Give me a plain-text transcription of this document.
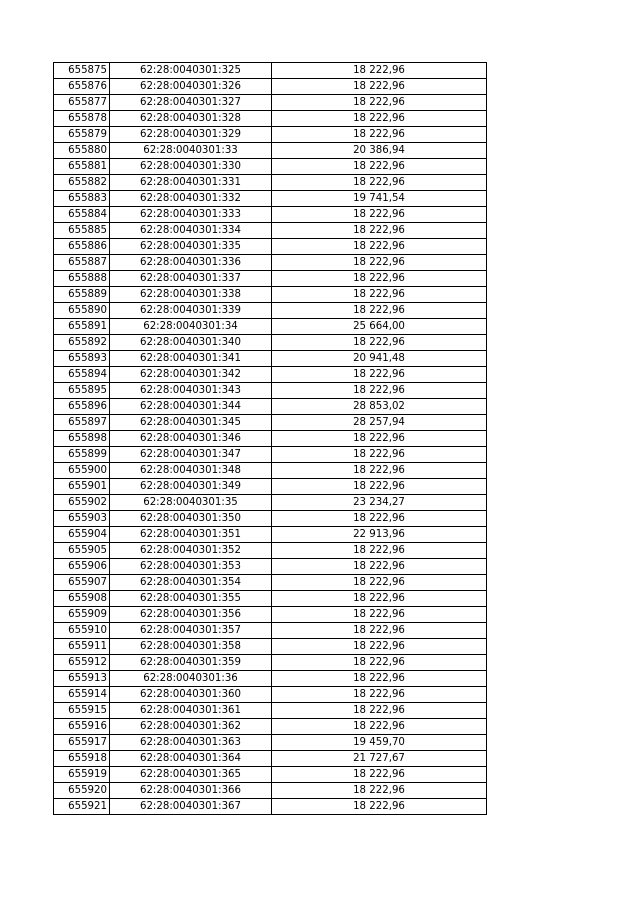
655875	62:28:0040301:325	18 222,96
655876	62:28:0040301:326	18 222,96
655877	62:28:0040301:327	18 222,96
655878	62:28:0040301:328	18 222,96
655879	62:28:0040301:329	18 222,96
655880	62:28:0040301:33	20 386,94
655881	62:28:0040301:330	18 222,96
655882	62:28:0040301:331	18 222,96
655883	62:28:0040301:332	19 741,54
655884	62:28:0040301:333	18 222,96
655885	62:28:0040301:334	18 222,96
655886	62:28:0040301:335	18 222,96
655887	62:28:0040301:336	18 222,96
655888	62:28:0040301:337	18 222,96
655889	62:28:0040301:338	18 222,96
655890	62:28:0040301:339	18 222,96
655891	62:28:0040301:34	25 664,00
655892	62:28:0040301:340	18 222,96
655893	62:28:0040301:341	20 941,48
655894	62:28:0040301:342	18 222,96
655895	62:28:0040301:343	18 222,96
655896	62:28:0040301:344	28 853,02
655897	62:28:0040301:345	28 257,94
655898	62:28:0040301:346	18 222,96
655899	62:28:0040301:347	18 222,96
655900	62:28:0040301:348	18 222,96
655901	62:28:0040301:349	18 222,96
655902	62:28:0040301:35	23 234,27
655903	62:28:0040301:350	18 222,96
655904	62:28:0040301:351	22 913,96
655905	62:28:0040301:352	18 222,96
655906	62:28:0040301:353	18 222,96
655907	62:28:0040301:354	18 222,96
655908	62:28:0040301:355	18 222,96
655909	62:28:0040301:356	18 222,96
655910	62:28:0040301:357	18 222,96
655911	62:28:0040301:358	18 222,96
655912	62:28:0040301:359	18 222,96
655913	62:28:0040301:36	18 222,96
655914	62:28:0040301:360	18 222,96
655915	62:28:0040301:361	18 222,96
655916	62:28:0040301:362	18 222,96
655917	62:28:0040301:363	19 459,70
655918	62:28:0040301:364	21 727,67
655919	62:28:0040301:365	18 222,96
655920	62:28:0040301:366	18 222,96
655921	62:28:0040301:367	18 222,96
